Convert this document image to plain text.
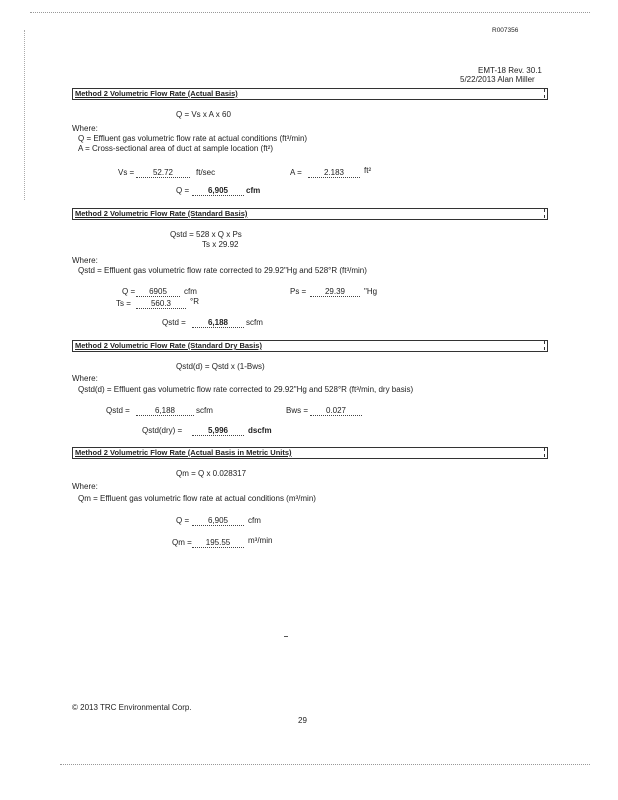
R007356
EMT-18 Rev. 30.1
5/22/2013 Alan Miller
Method 2 Volumetric Flow Rate (Actual Basis)
Q = Vs x A x 60
Where:
Q = Effluent gas volumetric flow rate at actual conditions (ft³/min)
A = Cross-sectional area of duct at sample location (ft²)
Vs =	52.72	ft/sec	A =	2.183	ft²
Q =	6,905	cfm
Method 2 Volumetric Flow Rate (Standard Basis)
Qstd = 528 x Q x Ps
Ts x 29.92
Where:
Qstd = Effluent gas volumetric flow rate corrected to 29.92"Hg and 528°R (ft³/min)
Q =	6905	cfm	Ps =	29.39	"Hg
Ts =	560.3	°R
Qstd =	6,188	scfm
Method 2 Volumetric Flow Rate (Standard Dry Basis)
Qstd(d) = Qstd x (1-Bws)
Where:
Qstd(d) = Effluent gas volumetric flow rate corrected to 29.92"Hg and 528°R (ft³/min, dry basis)
Qstd =	6,188	scfm	Bws =	0.027
Qstd(dry) =	5,996	dscfm
Method 2 Volumetric Flow Rate (Actual Basis in Metric Units)
Qm = Q x 0.028317
Where:
Qm = Effluent gas volumetric flow rate at actual conditions (m³/min)
Q =	6,905	cfm
Qm =	195.55	m³/min
© 2013 TRC Environmental Corp.
29
